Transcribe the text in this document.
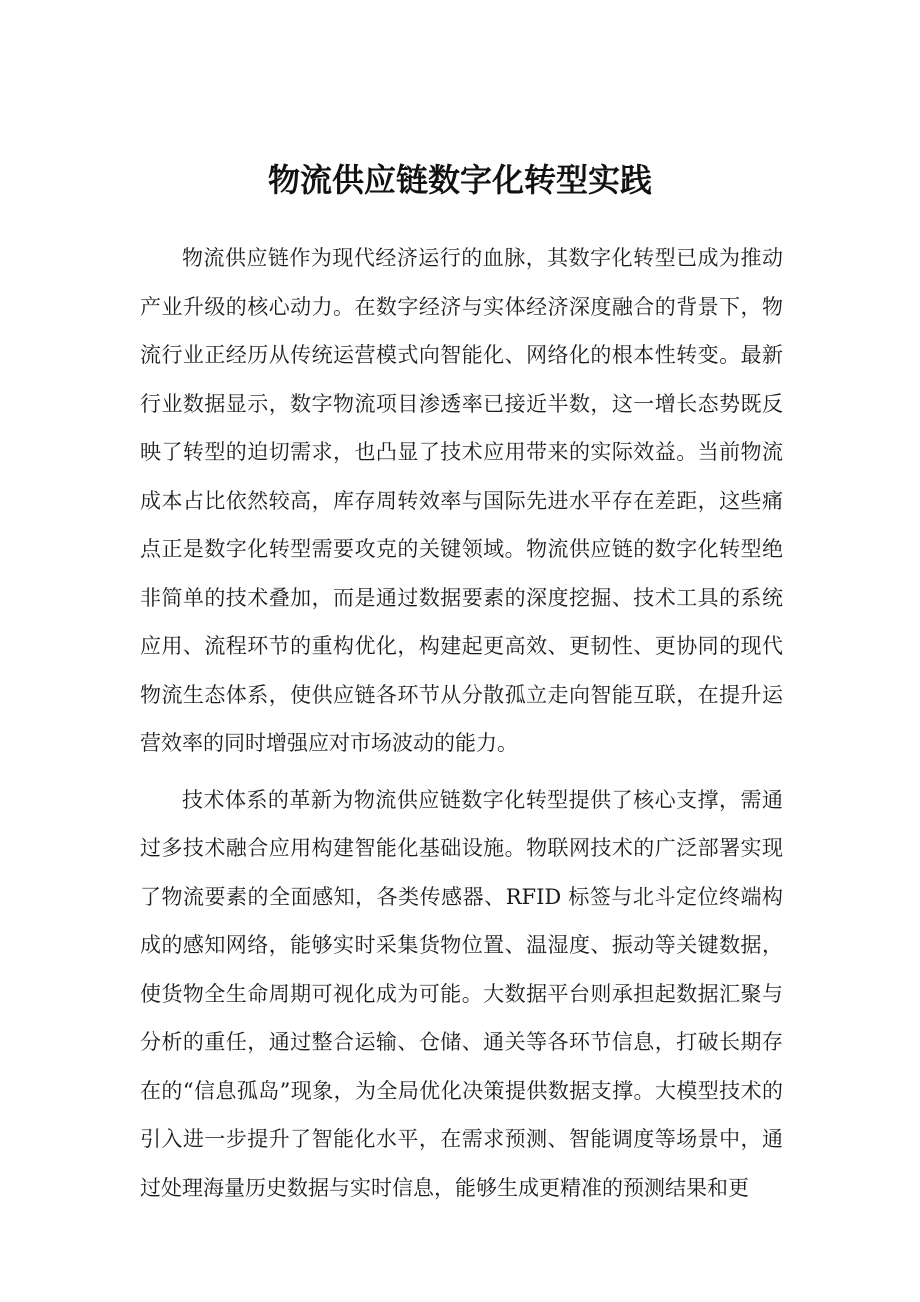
物流供应链数字化转型实践

物流供应链作为现代经济运行的血脉，其数字化转型已成为推动产业升级的核心动力。在数字经济与实体经济深度融合的背景下，物流行业正经历从传统运营模式向智能化、网络化的根本性转变。最新行业数据显示，数字物流项目渗透率已接近半数，这一增长态势既反映了转型的迫切需求，也凸显了技术应用带来的实际效益。当前物流成本占比依然较高，库存周转效率与国际先进水平存在差距，这些痛点正是数字化转型需要攻克的关键领域。物流供应链的数字化转型绝非简单的技术叠加，而是通过数据要素的深度挖掘、技术工具的系统应用、流程环节的重构优化，构建起更高效、更韧性、更协同的现代物流生态体系，使供应链各环节从分散孤立走向智能互联，在提升运营效率的同时增强应对市场波动的能力。

技术体系的革新为物流供应链数字化转型提供了核心支撑，需通过多技术融合应用构建智能化基础设施。物联网技术的广泛部署实现了物流要素的全面感知，各类传感器、RFID 标签与北斗定位终端构成的感知网络，能够实时采集货物位置、温湿度、振动等关键数据，使货物全生命周期可视化成为可能。大数据平台则承担起数据汇聚与分析的重任，通过整合运输、仓储、通关等各环节信息，打破长期存在的“信息孤岛”现象，为全局优化决策提供数据支撑。大模型技术的引入进一步提升了智能化水平，在需求预测、智能调度等场景中，通过处理海量历史数据与实时信息，能够生成更精准的预测结果和更
